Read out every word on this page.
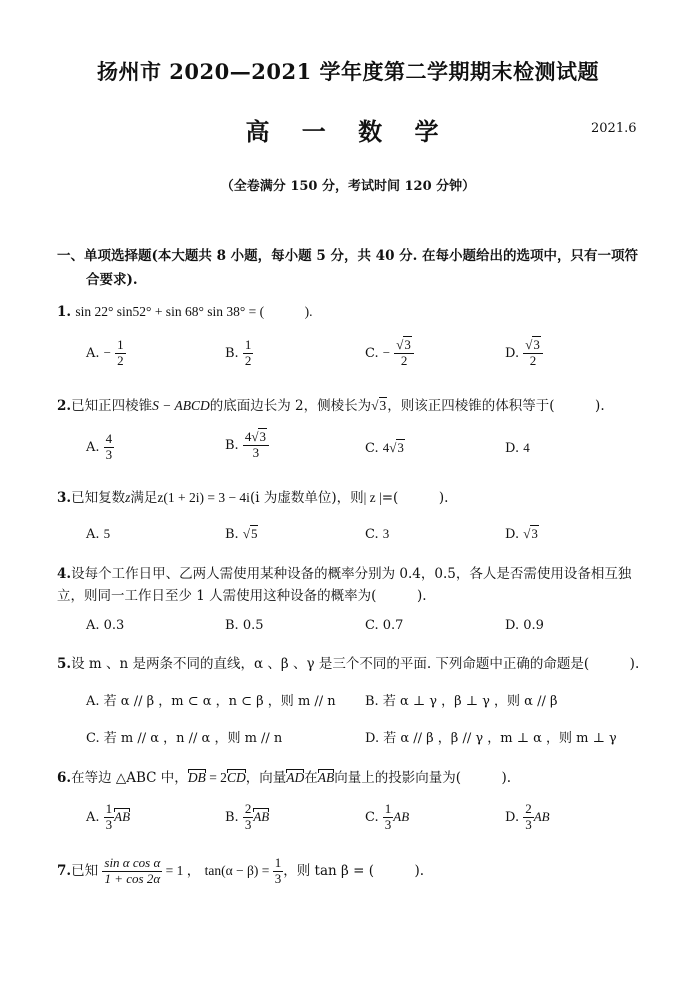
扬州市 2020—2021 学年度第二学期期末检测试题
高 一 数 学	2021.6
（全卷满分 150 分，考试时间 120 分钟）
一、单项选择题(本大题共 8 小题，每小题 5 分，共 40 分. 在每小题给出的选项中，只有一项符
合要求).
1. sin 22° sin52° + sin 68° sin 38° = (　　　).
A. − $\frac{1}{2}$	B. $\frac{1}{2}$	C. − $\frac{√3}{2}$	D. $\frac{√3}{2}$
2.已知正四棱锥S − ABCD的底面边长为 2，侧棱长为√3，则该正四棱锥的体积等于(　　　).
A. $\frac{4}{3}$	B. $\frac{4√3}{3}$	C. 4√3	D. 4
3.已知复数z满足z(1 + 2i) = 3 − 4i(i 为虚数单位)，则| z |=(　　　).
A. 5	B. √5	C. 3	D. √3
4.设每个工作日甲、乙两人需使用某种设备的概率分别为 0.4，0.5，各人是否需使用设备相互独
立，则同一工作日至少 1 人需使用这种设备的概率为(　　　).
A. 0.3	B. 0.5	C. 0.7	D. 0.9
5.设 m 、n 是两条不同的直线，α 、β 、γ 是三个不同的平面. 下列命题中正确的命题是(　　　).
A. 若 α // β ，m ⊂ α ，n ⊂ β ，则 m // n B. 若 α ⊥ γ ，β ⊥ γ ，则 α // β
C. 若 m // α ，n // α ，则 m // n	D. 若 α // β ，β // γ ，m ⊥ α ，则 m ⊥ γ
6.在等边 △ABC 中，DB = 2CD，向量AD在AB向量上的投影向量为(　　　).
A. $\frac{1}{3}$ AB	B. $\frac{2}{3}$ AB	C. $\frac{1}{3}$ AB	D. $\frac{2}{3}$ AB
7.已知 $\frac{\text{sin α cos α}}{1 + \cos 2\alpha} = 1$ ， $\tan(\alpha - \beta) = \frac{1}{3}$ ，则 tan β = (　　　).
